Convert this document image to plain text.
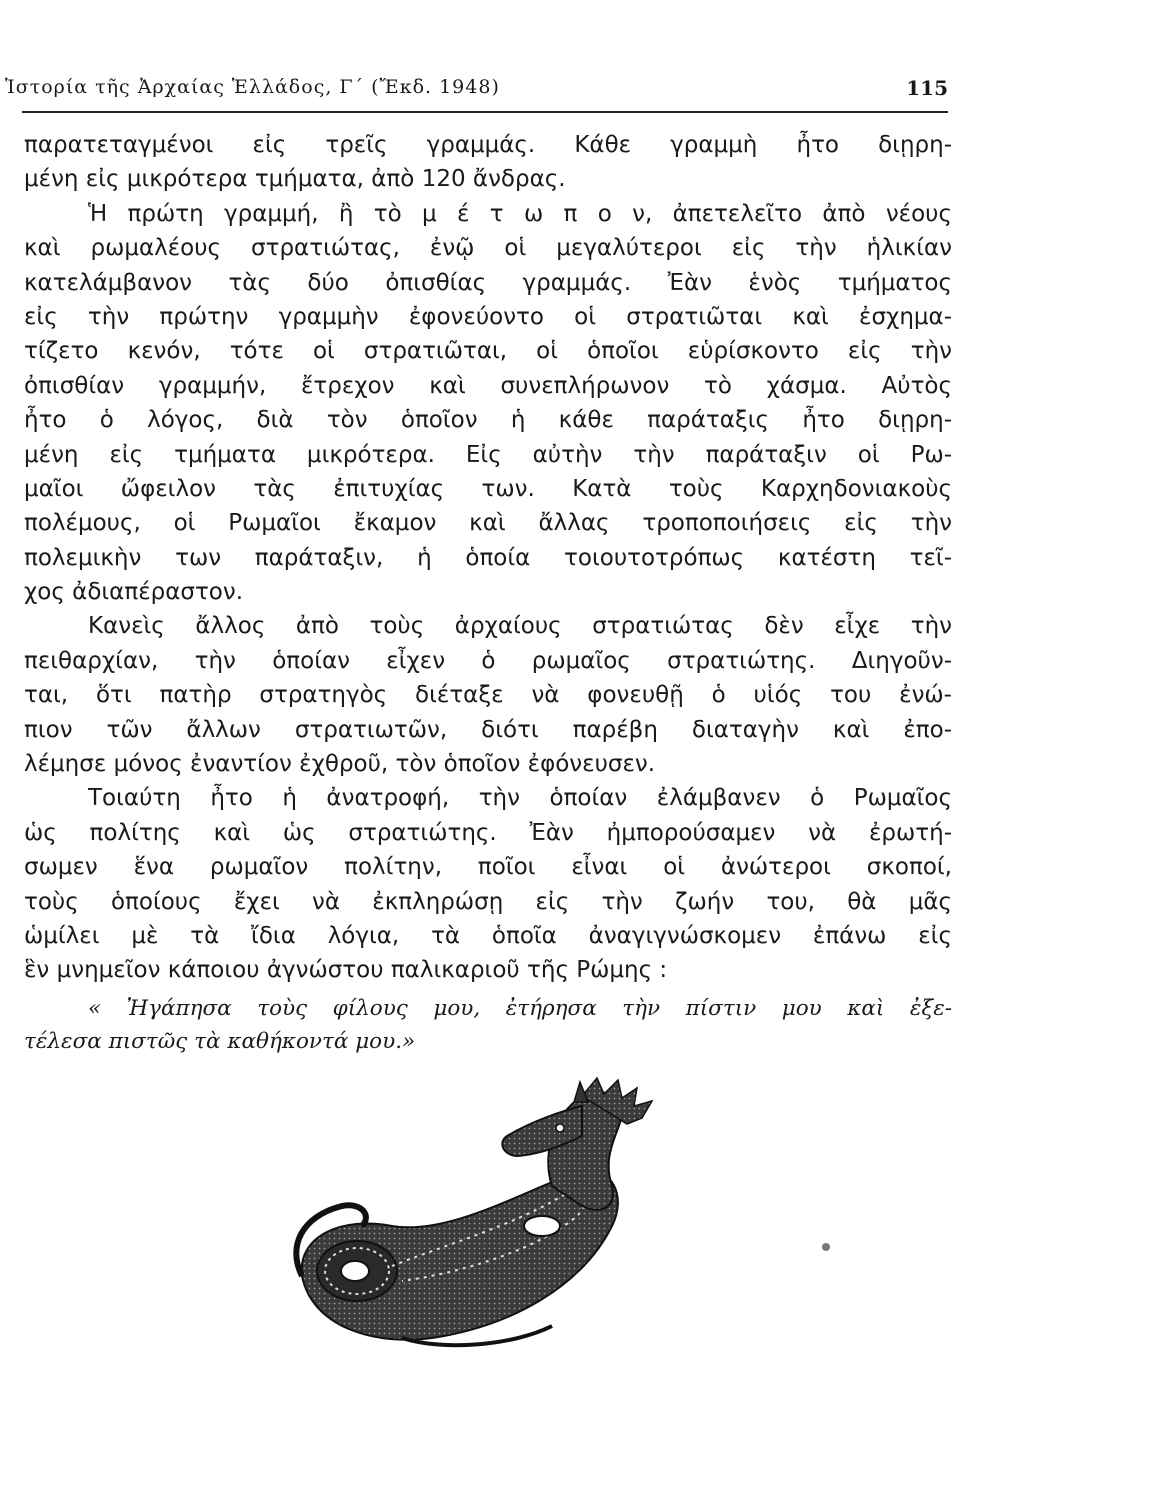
Ἱστορία τῆς Ἀρχαίας Ἑλλάδος, Γ΄ (Ἔκδ. 1948)	115
παρατεταγμένοι εἰς τρεῖς γραμμάς. Κάθε γραμμὴ ἦτο διῃρη-
μένη εἰς μικρότερα τμήματα, ἀπὸ 120 ἄνδρας.
Ἡ πρώτη γραμμή, ἢ τὸ μ έ τ ω π ο ν, ἀπετελεῖτο ἀπὸ νέους
καὶ ρωμαλέους στρατιώτας, ἐνῷ οἱ μεγαλύτεροι εἰς τὴν ἡλικίαν
κατελάμβανον τὰς δύο ὀπισθίας γραμμάς. Ἐὰν ἑνὸς τμήματος
εἰς τὴν πρώτην γραμμὴν ἐφονεύοντο οἱ στρατιῶται καὶ ἐσχημα-
τίζετο κενόν, τότε οἱ στρατιῶται, οἱ ὁποῖοι εὑρίσκοντο εἰς τὴν
ὀπισθίαν γραμμήν, ἔτρεχον καὶ συνεπλήρωνον τὸ χάσμα. Αὐτὸς
ἦτο ὁ λόγος, διὰ τὸν ὁποῖον ἡ κάθε παράταξις ἦτο διῃρη-
μένη εἰς τμήματα μικρότερα. Εἰς αὐτὴν τὴν παράταξιν οἱ Ρω-
μαῖοι ὤφειλον τὰς ἐπιτυχίας των. Κατὰ τοὺς Καρχηδονιακοὺς
πολέμους, οἱ Ρωμαῖοι ἔκαμον καὶ ἄλλας τροποποιήσεις εἰς τὴν
πολεμικὴν των παράταξιν, ἡ ὁποία τοιουτοτρόπως κατέστη τεῖ-
χος ἀδιαπέραστον.
Κανεὶς ἄλλος ἀπὸ τοὺς ἀρχαίους στρατιώτας δὲν εἶχε τὴν
πειθαρχίαν, τὴν ὁποίαν εἶχεν ὁ ρωμαῖος στρατιώτης. Διηγοῦν-
ται, ὅτι πατὴρ στρατηγὸς διέταξε νὰ φονευθῇ ὁ υἱός του ἐνώ-
πιον τῶν ἄλλων στρατιωτῶν, διότι παρέβη διαταγὴν καὶ ἐπο-
λέμησε μόνος ἐναντίον ἐχθροῦ, τὸν ὁποῖον ἐφόνευσεν.
Τοιαύτη ἦτο ἡ ἀνατροφή, τὴν ὁποίαν ἐλάμβανεν ὁ Ρωμαῖος
ὡς πολίτης καὶ ὡς στρατιώτης. Ἐὰν ἠμπορούσαμεν νὰ ἐρωτή-
σωμεν ἕνα ρωμαῖον πολίτην, ποῖοι εἶναι οἱ ἀνώτεροι σκοποί,
τοὺς ὁποίους ἔχει νὰ ἐκπληρώσῃ εἰς τὴν ζωήν του, θὰ μᾶς
ὡμίλει μὲ τὰ ἴδια λόγια, τὰ ὁποῖα ἀναγιγνώσκομεν ἐπάνω εἰς
ἓν μνημεῖον κάποιου ἀγνώστου παλικαριοῦ τῆς Ρώμης :
« Ἠγάπησα τοὺς φίλους μου, ἐτήρησα τὴν πίστιν μου καὶ ἐξε-
τέλεσα πιστῶς τὰ καθήκοντά μου.»
